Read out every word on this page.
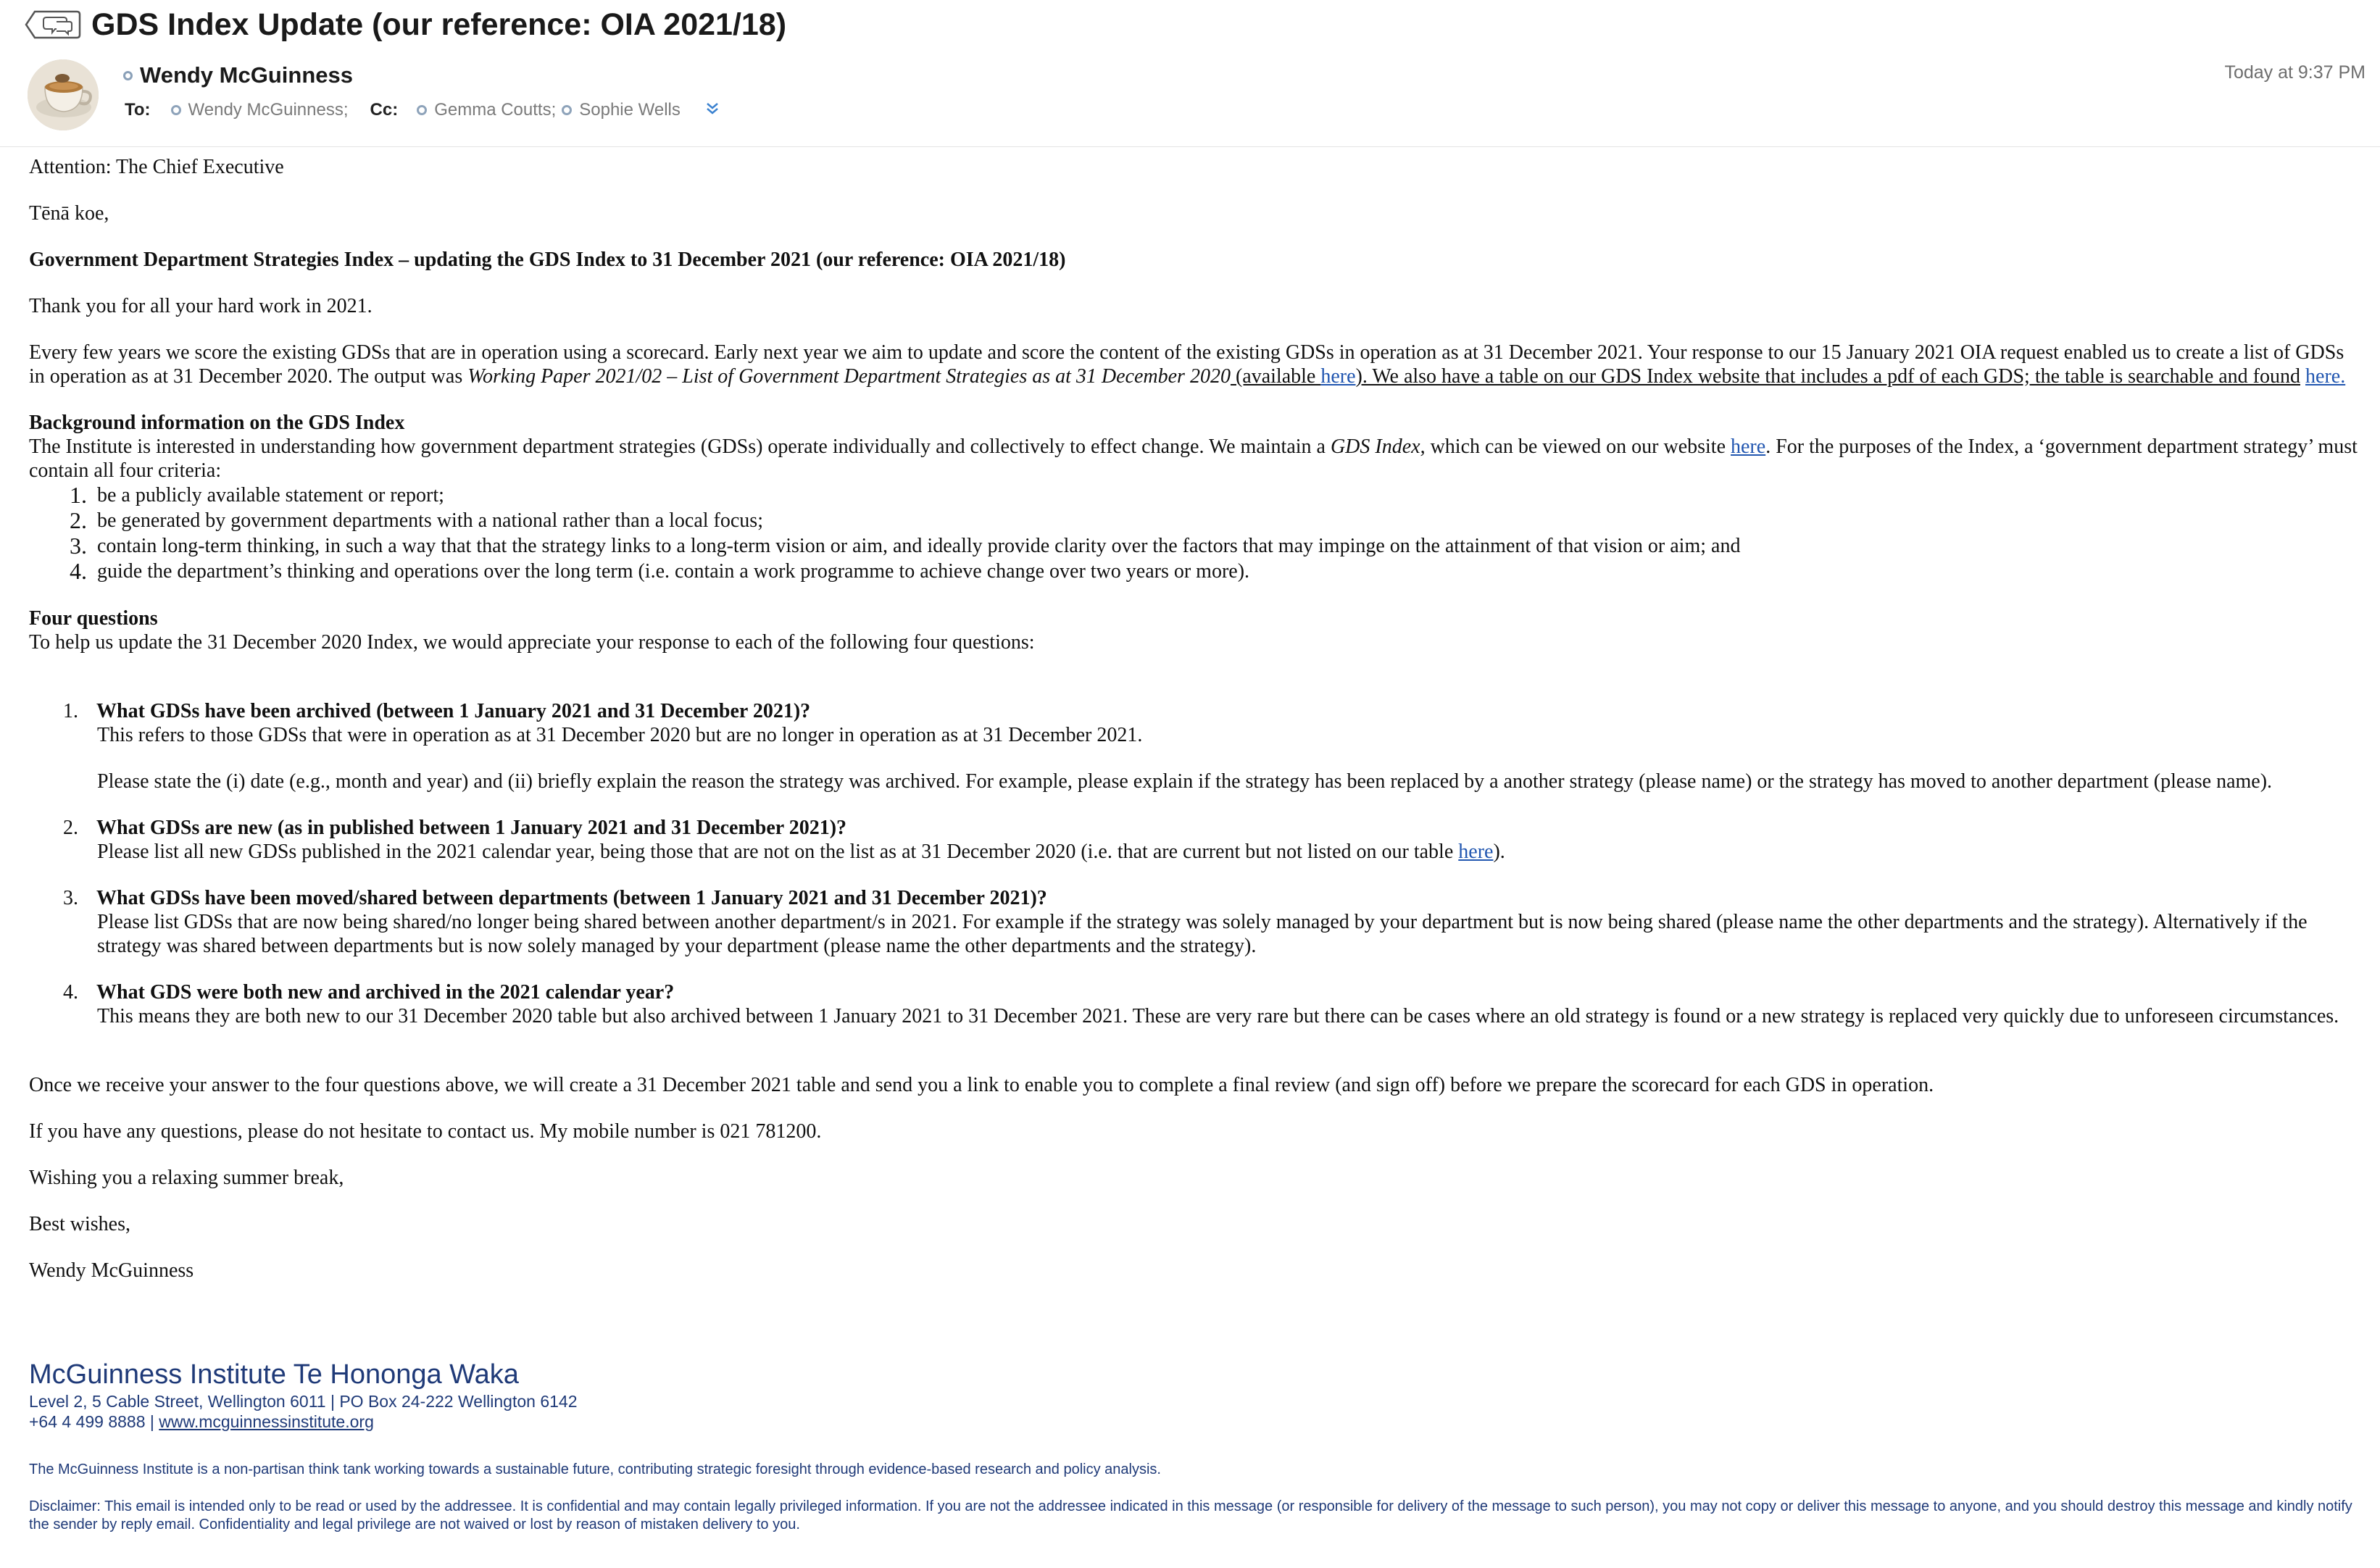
GDS Index Update (our reference: OIA 2021/18)
Wendy McGuinness	Today at 9:37 PM
To: Wendy McGuinness; Cc: Gemma Coutts; Sophie Wells

Attention: The Chief Executive

Tēnā koe,

Government Department Strategies Index – updating the GDS Index to 31 December 2021 (our reference: OIA 2021/18)

Thank you for all your hard work in 2021.

Every few years we score the existing GDSs that are in operation using a scorecard. Early next year we aim to update and score the content of the existing GDSs in operation as at 31 December 2021. Your response to our 15 January 2021 OIA request enabled us to create a list of GDSs in operation as at 31 December 2020. The output was Working Paper 2021/02 – List of Government Department Strategies as at 31 December 2020 (available here). We also have a table on our GDS Index website that includes a pdf of each GDS; the table is searchable and found here.

Background information on the GDS Index

The Institute is interested in understanding how government department strategies (GDSs) operate individually and collectively to effect change. We maintain a GDS Index, which can be viewed on our website here. For the purposes of the Index, a ‘government department strategy’ must contain all four criteria:

1.
be a publicly available statement or report;
2.
be generated by government departments with a national rather than a local focus;
3.
contain long-term thinking, in such a way that that the strategy links to a long-term vision or aim, and ideally provide clarity over the factors that may impinge on the attainment of that vision or aim; and
4.
guide the department’s thinking and operations over the long term (i.e. contain a work programme to achieve change over two years or more).

Four questions

To help us update the 31 December 2020 Index, we would appreciate your response to each of the following four questions:

1. What GDSs have been archived (between 1 January 2021 and 31 December 2021)?

This refers to those GDSs that were in operation as at 31 December 2020 but are no longer in operation as at 31 December 2021.

Please state the (i) date (e.g., month and year) and (ii) briefly explain the reason the strategy was archived. For example, please explain if the strategy has been replaced by a another strategy (please name) or the strategy has moved to another department (please name).

2. What GDSs are new (as in published between 1 January 2021 and 31 December 2021)?

Please list all new GDSs published in the 2021 calendar year, being those that are not on the list as at 31 December 2020 (i.e. that are current but not listed on our table here).

3. What GDSs have been moved/shared between departments (between 1 January 2021 and 31 December 2021)?

Please list GDSs that are now being shared/no longer being shared between another department/s in 2021. For example if the strategy was solely managed by your department but is now being shared (please name the other departments and the strategy). Alternatively if the strategy was shared between departments but is now solely managed by your department (please name the other departments and the strategy).

4. What GDS were both new and archived in the 2021 calendar year?

This means they are both new to our 31 December 2020 table but also archived between 1 January 2021 to 31 December 2021. These are very rare but there can be cases where an old strategy is found or a new strategy is replaced very quickly due to unforeseen circumstances.

Once we receive your answer to the four questions above, we will create a 31 December 2021 table and send you a link to enable you to complete a final review (and sign off) before we prepare the scorecard for each GDS in operation.

If you have any questions, please do not hesitate to contact us. My mobile number is 021 781200.

Wishing you a relaxing summer break,

Best wishes,

Wendy McGuinness

McGuinness Institute Te Hononga Waka
Level 2, 5 Cable Street, Wellington 6011 | PO Box 24-222 Wellington 6142
+64 4 499 8888 | www.mcguinnessinstitute.org
The McGuinness Institute is a non-partisan think tank working towards a sustainable future, contributing strategic foresight through evidence-based research and policy analysis.
Disclaimer: This email is intended only to be read or used by the addressee. It is confidential and may contain legally privileged information. If you are not the addressee indicated in this message (or responsible for delivery of the message to such person), you may not copy or deliver this message to anyone, and you should destroy this message and kindly notify the sender by reply email. Confidentiality and legal privilege are not waived or lost by reason of mistaken delivery to you.
